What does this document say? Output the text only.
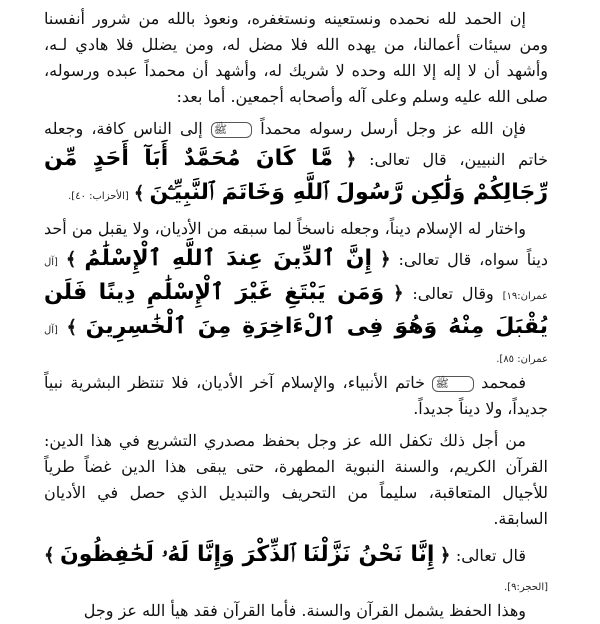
إن الحمد لله نحمده ونستعينه ونستغفره، ونعوذ بالله من شرور أنفسنا ومن سيئات أعمالنا، من يهده الله فلا مضل له، ومن يضلل فلا هادي لـه، وأشهد أن لا إله إلا الله وحده لا شريك له، وأشهد أن محمداً عبده ورسوله، صلى الله عليه وسلم وعلى آله وأصحابه أجمعين. أما بعد:

فإن الله عز وجل أرسل رسوله محمداً ﷺ إلى الناس كافة، وجعله خاتم النبيين، قال تعالى: ﴿ مَّا كَانَ مُحَمَّدٌ أَبَآ أَحَدٍ مِّن رِّجَالِكُمْ وَلَٰكِن رَّسُولَ ٱللَّهِ وَخَاتَمَ ٱلنَّبِيِّـۧنَ ﴾ [الأحزاب: ٤٠].

واختار له الإسلام ديناً، وجعله ناسخاً لما سبقه من الأديان، ولا يقبل من أحد ديناً سواه، قال تعالى: ﴿ إِنَّ ٱلدِّينَ عِندَ ٱللَّهِ ٱلْإِسْلَٰمُ ﴾ [آل عمران:١٩] وقال تعالى: ﴿ وَمَن يَبْتَغِ غَيْرَ ٱلْإِسْلَٰمِ دِينًا فَلَن يُقْبَلَ مِنْهُ وَهُوَ فِى ٱلْءَاخِرَةِ مِنَ ٱلْخَٰسِرِينَ ﴾ [آل عمران: ٨٥].

فمحمد ﷺ خاتم الأنبياء، والإسلام آخر الأديان، فلا تنتظر البشرية نبياً جديداً، ولا ديناً جديداً.

من أجل ذلك تكفل الله عز وجل بحفظ مصدري التشريع في هذا الدين: القرآن الكريم، والسنة النبوية المطهرة، حتى يبقى هذا الدين غضاً طرياً للأجيال المتعاقبة، سليماً من التحريف والتبديل الذي حصل في الأديان السابقة.

قال تعالى: ﴿ إِنَّا نَحْنُ نَزَّلْنَا ٱلذِّكْرَ وَإِنَّا لَهُۥ لَحَٰفِظُونَ ﴾ [الحجر:٩].

وهذا الحفظ يشمل القرآن والسنة. فأما القرآن فقد هيأ الله عز وجل
